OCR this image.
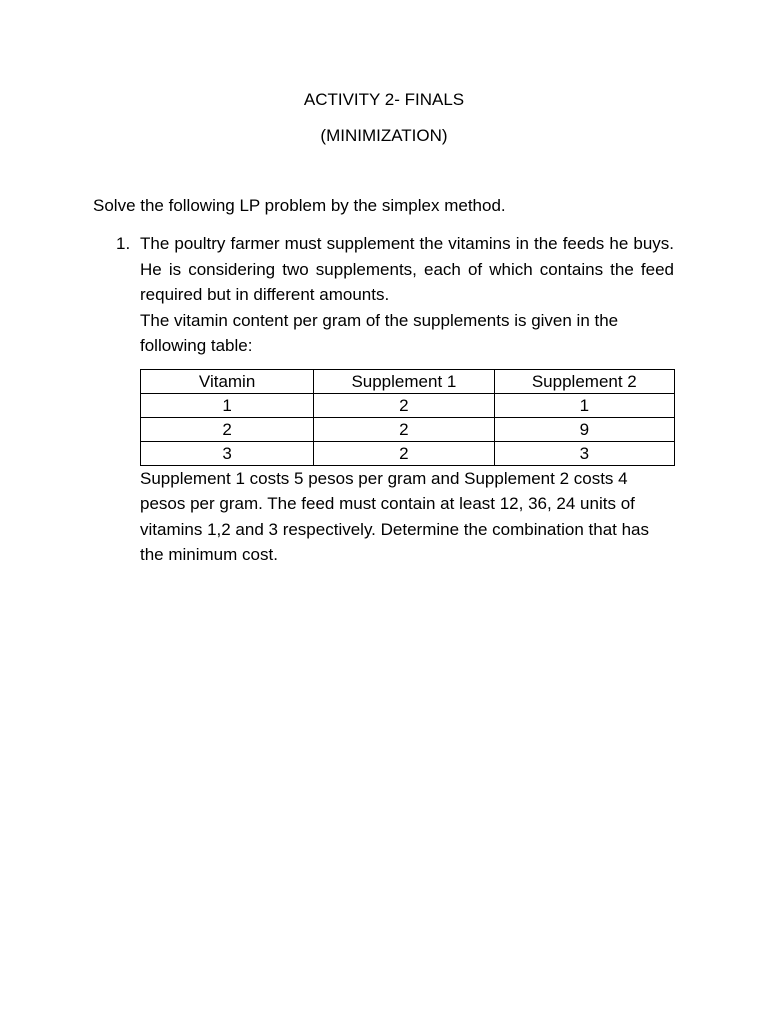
ACTIVITY 2- FINALS
(MINIMIZATION)
Solve the following LP problem by the simplex method.
1. The poultry farmer must supplement the vitamins in the feeds he buys. He is considering two supplements, each of which contains the feed required but in different amounts.

The vitamin content per gram of the supplements is given in the following table:

Vitamin	Supplement 1	Supplement 2
1	2	1
2	2	9
3	2	3

Supplement 1 costs 5 pesos per gram and Supplement 2 costs 4 pesos per gram. The feed must contain at least 12, 36, 24 units of vitamins 1,2 and 3 respectively. Determine the combination that has the minimum cost.
